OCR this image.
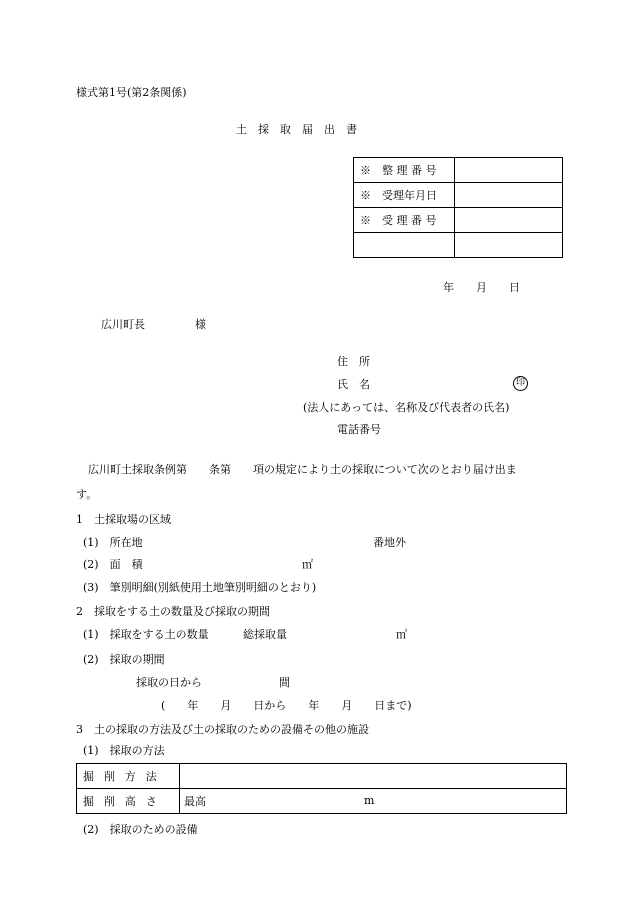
様式第1号(第2条関係)
土　採　取　届　出　書
※　整 理 番 号	
※　受理年月日	
※　受 理 番 号	

年　　月　　日
広川町長	様
住　所
氏　名	印
(法人にあっては、名称及び代表者の氏名)
電話番号
広川町土採取条例第　　条第　　項の規定により土の採取について次のとおり届け出ま
す。
1　土採取場の区域
(1)　所在地	番地外
(2)　面　積	㎡
(3)　筆別明細(別紙使用土地筆別明細のとおり)
2　採取をする土の数量及び採取の期間
(1)　採取をする土の数量	総採取量	㎥
(2)　採取の期間
採取の日から	間
(　　年　　月　　日から　　年　　月　　日まで)
3　土の採取の方法及び土の採取のための設備その他の施設
(1)　採取の方法
掘削方法	
掘削高さ	最高 m
(2)　採取のための設備
